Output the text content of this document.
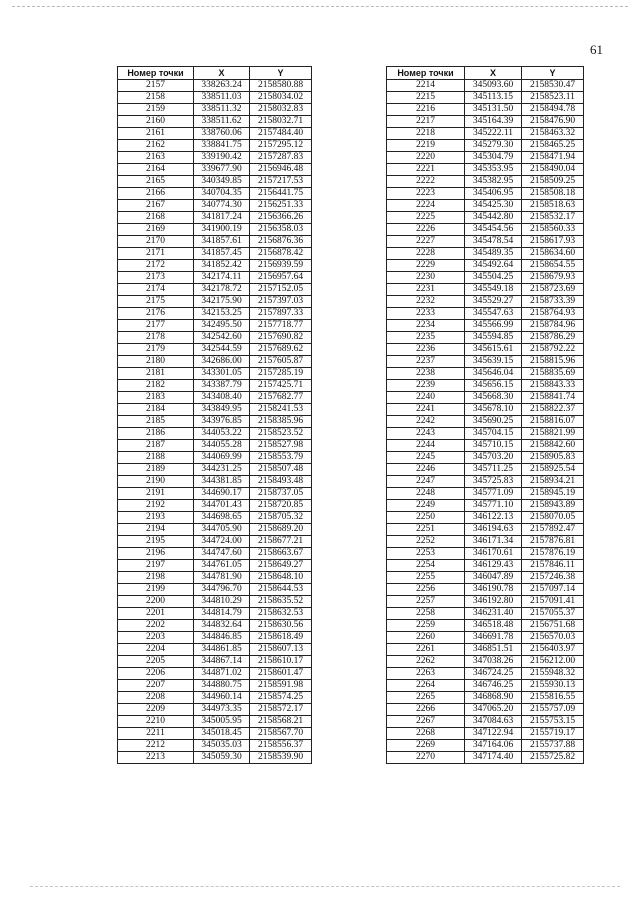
61
Номер точки	X	Y
2157	338263.24	2158580.88
2158	338511.03	2158034.02
2159	338511.32	2158032.83
2160	338511.62	2158032.71
2161	338760.06	2157484.40
2162	338841.75	2157295.12
2163	339190.42	2157287.83
2164	339677.90	2156946.48
2165	340349.85	2157217.53
2166	340704.35	2156441.75
2167	340774.30	2156251.33
2168	341817.24	2156366.26
2169	341900.19	2156358.03
2170	341857.61	2156876.36
2171	341857.45	2156878.42
2172	341852.42	2156939.59
2173	342174.11	2156957.64
2174	342178.72	2157152.05
2175	342175.90	2157397.03
2176	342153.25	2157897.33
2177	342495.50	2157718.77
2178	342542.60	2157690.82
2179	342544.59	2157689.62
2180	342686.00	2157605.87
2181	343301.05	2157285.19
2182	343387.79	2157425.71
2183	343408.40	2157682.77
2184	343849.95	2158241.53
2185	343976.85	2158385.96
2186	344053.22	2158523.52
2187	344055.28	2158527.98
2188	344069.99	2158553.79
2189	344231.25	2158507.48
2190	344381.85	2158493.48
2191	344690.17	2158737.05
2192	344701.43	2158720.85
2193	344698.65	2158705.32
2194	344705.90	2158689.20
2195	344724.00	2158677.21
2196	344747.60	2158663.67
2197	344761.05	2158649.27
2198	344781.90	2158648.10
2199	344796.70	2158644.53
2200	344810.29	2158635.52
2201	344814.79	2158632.53
2202	344832.64	2158630.56
2203	344846.85	2158618.49
2204	344861.85	2158607.13
2205	344867.14	2158610.17
2206	344871.02	2158601.47
2207	344880.75	2158591.98
2208	344960.14	2158574.25
2209	344973.35	2158572.17
2210	345005.95	2158568.21
2211	345018.45	2158567.70
2212	345035.03	2158556.37
2213	345059.30	2158539.90
Номер точки	X	Y
2214	345093.60	2158530.47
2215	345113.15	2158523.11
2216	345131.50	2158494.78
2217	345164.39	2158476.90
2218	345222.11	2158463.32
2219	345279.30	2158465.25
2220	345304.79	2158471.94
2221	345353.95	2158490.04
2222	345382.95	2158509.25
2223	345406.95	2158508.18
2224	345425.30	2158518.63
2225	345442.80	2158532.17
2226	345454.56	2158560.33
2227	345478.54	2158617.93
2228	345489.35	2158634.60
2229	345492.64	2158654.55
2230	345504.25	2158679.93
2231	345549.18	2158723.69
2232	345529.27	2158733.39
2233	345547.63	2158764.93
2234	345566.99	2158784.96
2235	345594.85	2158786.29
2236	345615.61	2158792.22
2237	345639.15	2158815.96
2238	345646.04	2158835.69
2239	345656.15	2158843.33
2240	345668.30	2158841.74
2241	345678.10	2158822.37
2242	345690.25	2158816.07
2243	345704.15	2158821.99
2244	345710.15	2158842.60
2245	345703.20	2158905.83
2246	345711.25	2158925.54
2247	345725.83	2158934.21
2248	345771.09	2158945.19
2249	345771.10	2158943.89
2250	346122.13	2158070.05
2251	346194.63	2157892.47
2252	346171.34	2157876.81
2253	346170.61	2157876.19
2254	346129.43	2157846.11
2255	346047.89	2157246.38
2256	346190.78	2157097.14
2257	346192.80	2157091.41
2258	346231.40	2157055.37
2259	346518.48	2156751.68
2260	346691.78	2156570.03
2261	346851.51	2156403.97
2262	347038.26	2156212.00
2263	346724.25	2155948.32
2264	346746.25	2155930.13
2265	346868.90	2155816.55
2266	347065.20	2155757.09
2267	347084.63	2155753.15
2268	347122.94	2155719.17
2269	347164.06	2155737.88
2270	347174.40	2155725.82
